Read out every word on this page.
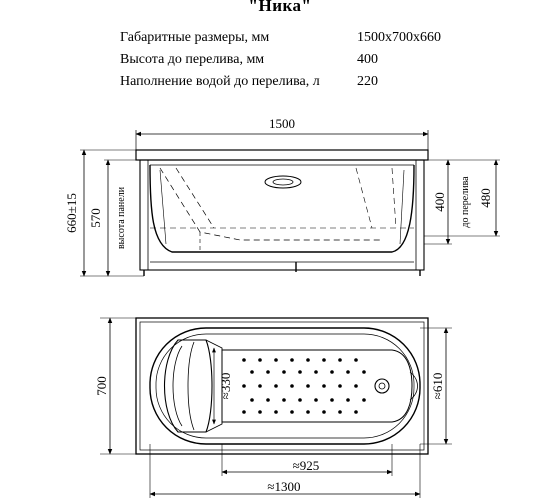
"Ника"
Габаритные размеры, мм	1500x700x660
Высота до перелива, мм	400
Наполнение водой до перелива, л	220
1500
660±15 570 высота панели	400 до перелива 480
700	≈330	≈610
≈925
≈1300
